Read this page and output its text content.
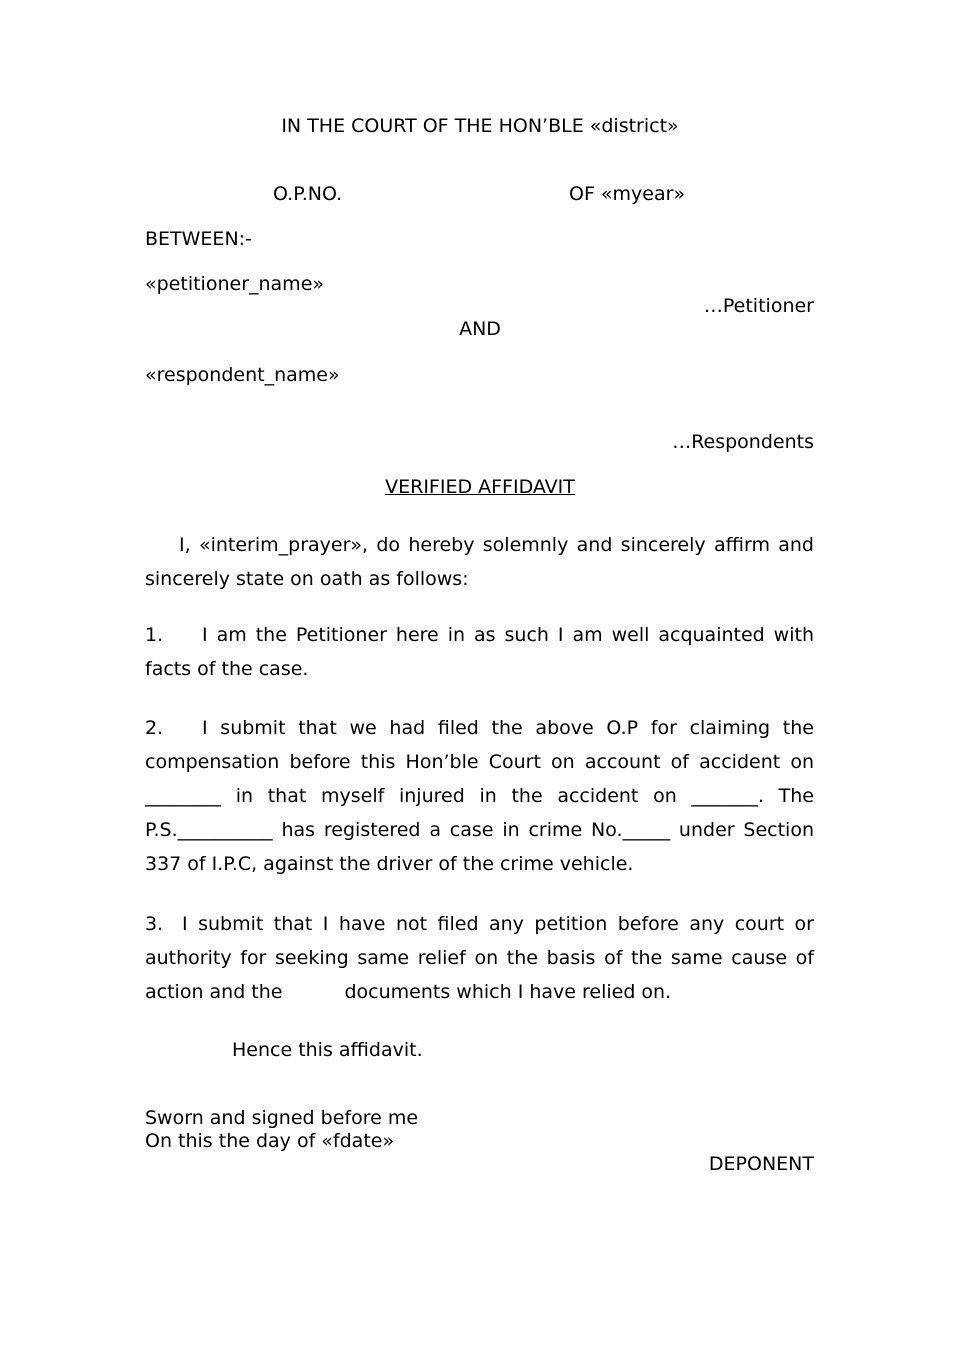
IN THE COURT OF THE HON’BLE «district»
O.P.NO.	OF «myear»
BETWEEN:-
«petitioner_name»
…Petitioner
AND
«respondent_name»
…Respondents
VERIFIED AFFIDAVIT
I, «interim_prayer», do hereby solemnly and sincerely affirm and sincerely state on oath as follows:
1. I am the Petitioner here in as such I am well acquainted with facts of the case.
2. I submit that we had filed the above O.P for claiming the compensation before this Hon’ble Court on account of accident on ________ in that myself injured in the accident on _______. The P.S.__________ has registered a case in crime No._____ under Section 337 of I.P.C, against the driver of the crime vehicle.
3. I submit that I have not filed any petition before any court or authority for seeking same relief on the basis of the same cause of action and the	documents which I have relied on.
Hence this affidavit.
Sworn and signed before me
On this the day of «fdate»
DEPONENT
